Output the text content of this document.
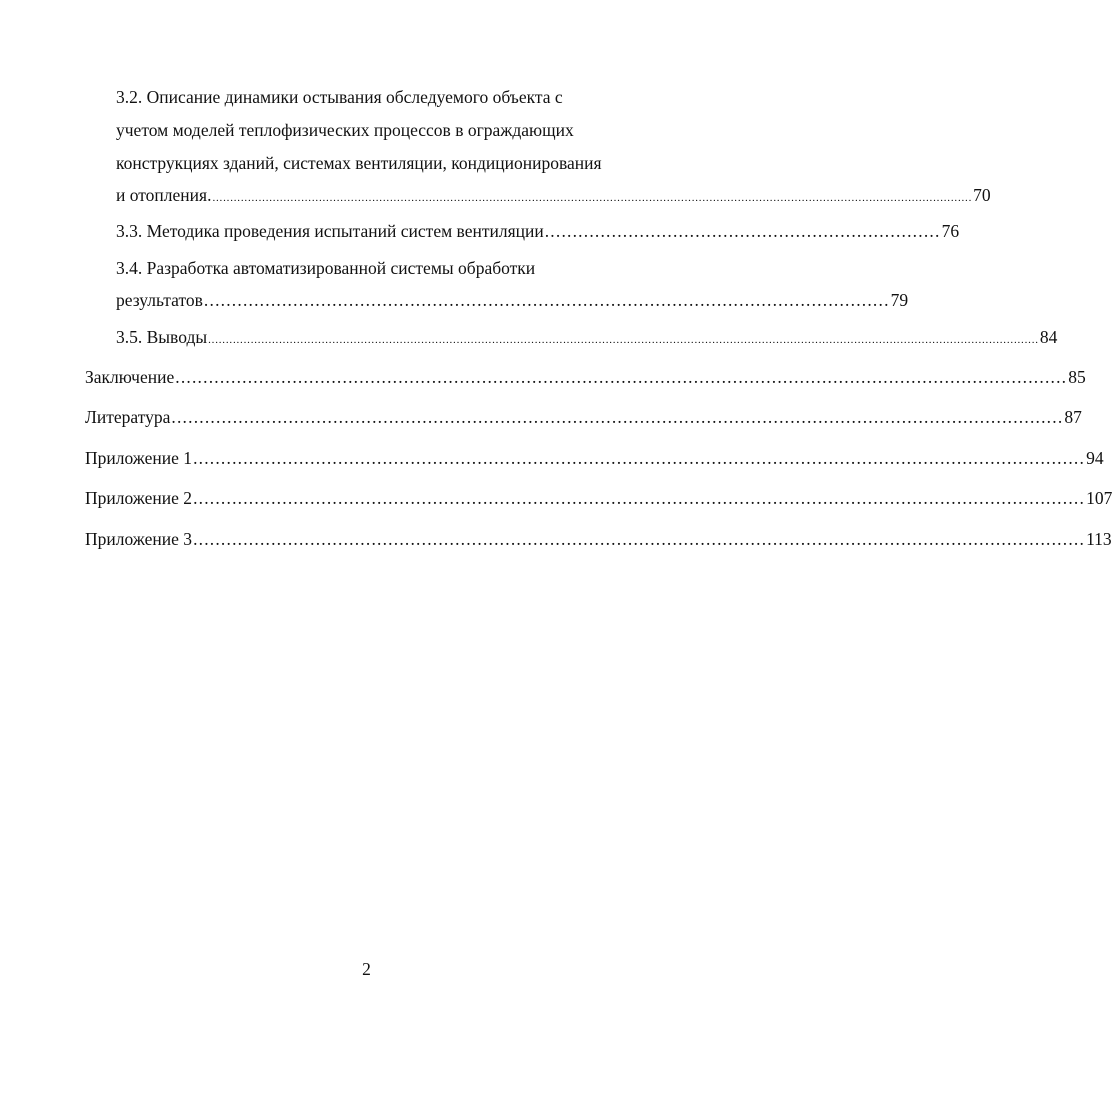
3.2. Описание динамики остывания обследуемого объекта с
учетом моделей теплофизических процессов в ограждающих
конструкциях зданий, системах вентиляции, кондиционирования
и отопления. ...................................................................................................................................................................................................................... 70
3.3. Методика проведения испытаний систем вентиляции ....................................................................... 76
3.4. Разработка автоматизированной системы обработки
результатов ........................................................................................................................... 79
3.5. Выводы .......................................................................................................................................................................................................................................... 84
Заключение ................................................................................................................................................................ 85
Литература ................................................................................................................................................................ 87
Приложение 1 ................................................................................................................................................................ 94
Приложение 2 ................................................................................................................................................................ 107
Приложение 3 ................................................................................................................................................................ 113
2
